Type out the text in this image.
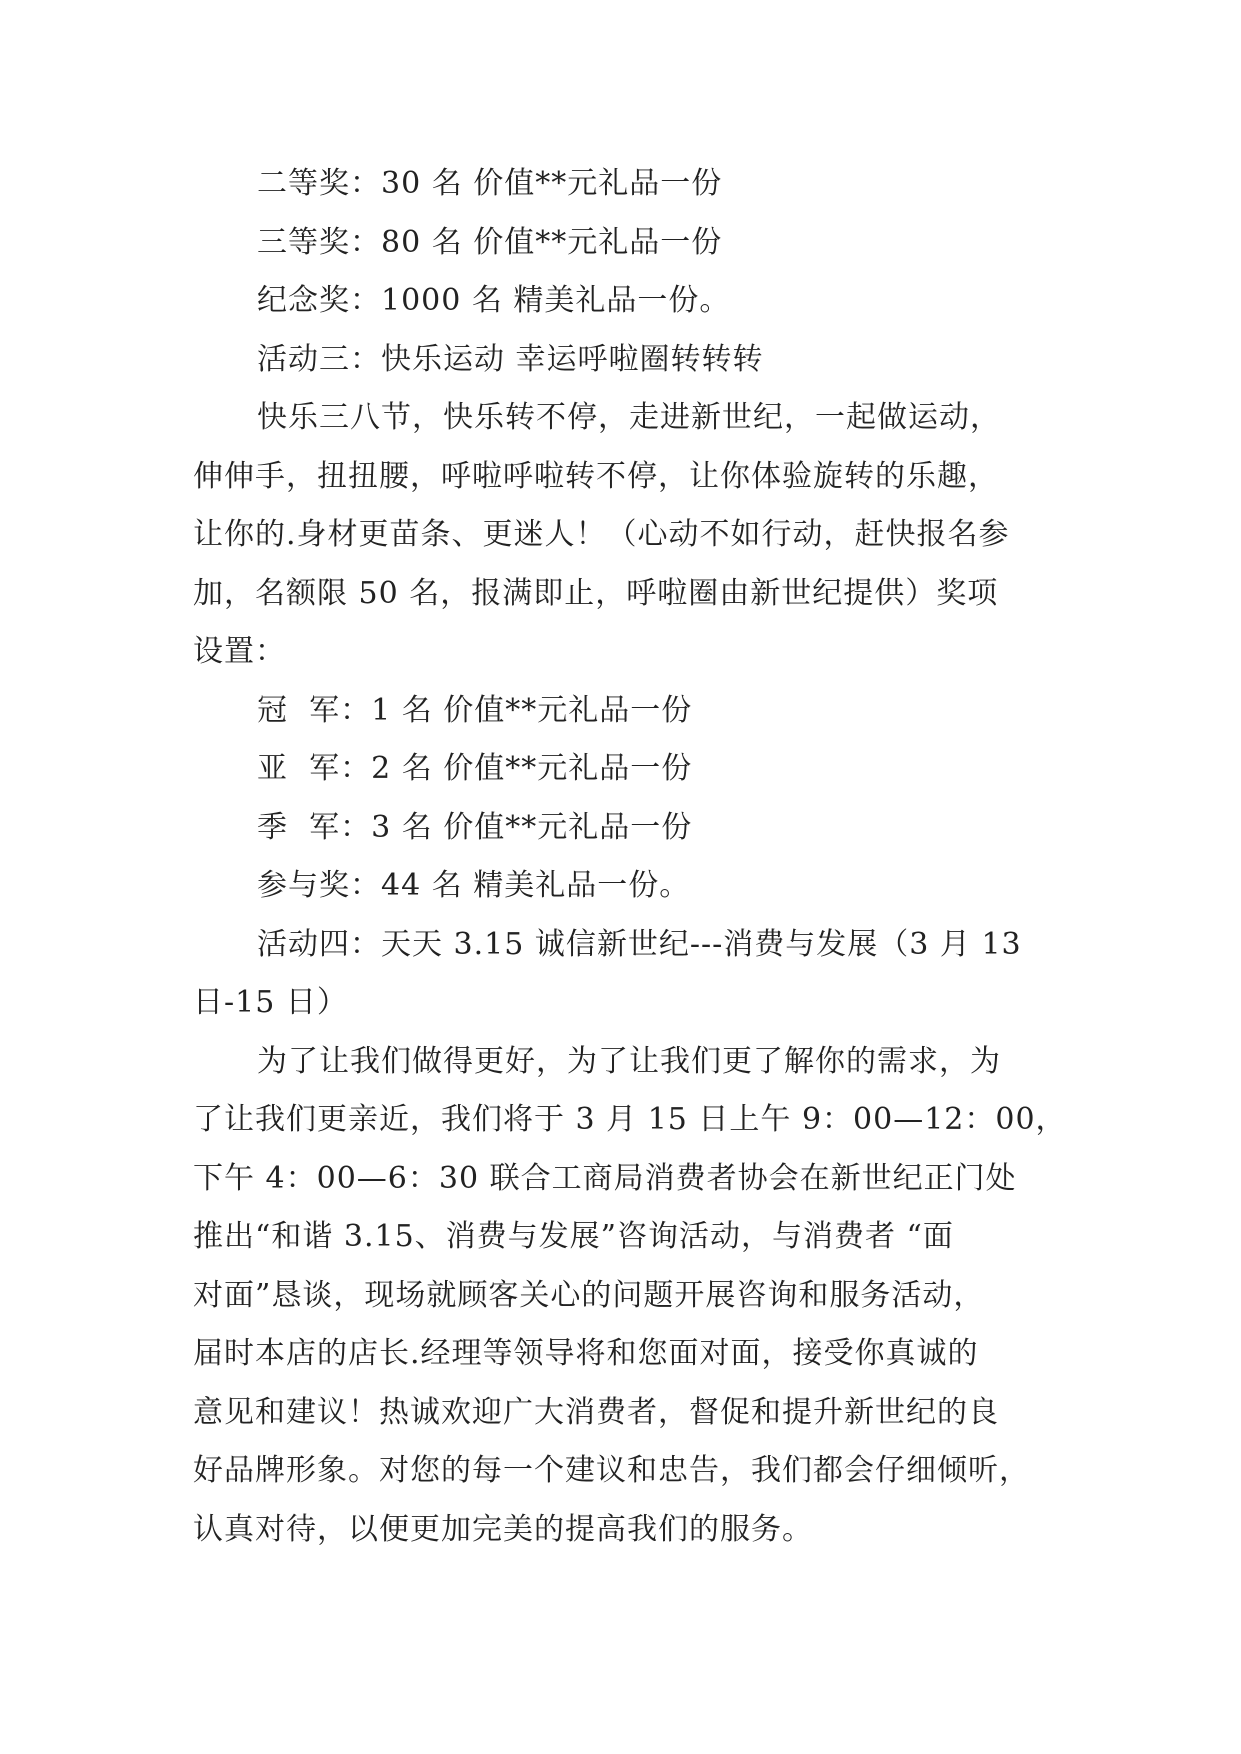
二等奖：30 名 价值**元礼品一份
三等奖：80 名 价值**元礼品一份
纪念奖：1000 名 精美礼品一份。
活动三：快乐运动 幸运呼啦圈转转转
快乐三八节，快乐转不停，走进新世纪，一起做运动，
伸伸手，扭扭腰，呼啦呼啦转不停，让你体验旋转的乐趣，
让你的.身材更苗条、更迷人！（心动不如行动，赶快报名参
加，名额限 50 名，报满即止，呼啦圈由新世纪提供）奖项
设置：
冠  军：1 名 价值**元礼品一份
亚  军：2 名 价值**元礼品一份
季  军：3 名 价值**元礼品一份
参与奖：44 名 精美礼品一份。
活动四：天天 3.15 诚信新世纪---消费与发展（3 月 13
日-15 日）
为了让我们做得更好，为了让我们更了解你的需求，为
了让我们更亲近，我们将于 3 月 15 日上午 9：00—12：00，
下午 4：00—6：30 联合工商局消费者协会在新世纪正门处
推出“和谐 3.15、消费与发展”咨询活动，与消费者 “面
对面”恳谈，现场就顾客关心的问题开展咨询和服务活动，
届时本店的店长.经理等领导将和您面对面，接受你真诚的
意见和建议！热诚欢迎广大消费者，督促和提升新世纪的良
好品牌形象。对您的每一个建议和忠告，我们都会仔细倾听，
认真对待，以便更加完美的提高我们的服务。
